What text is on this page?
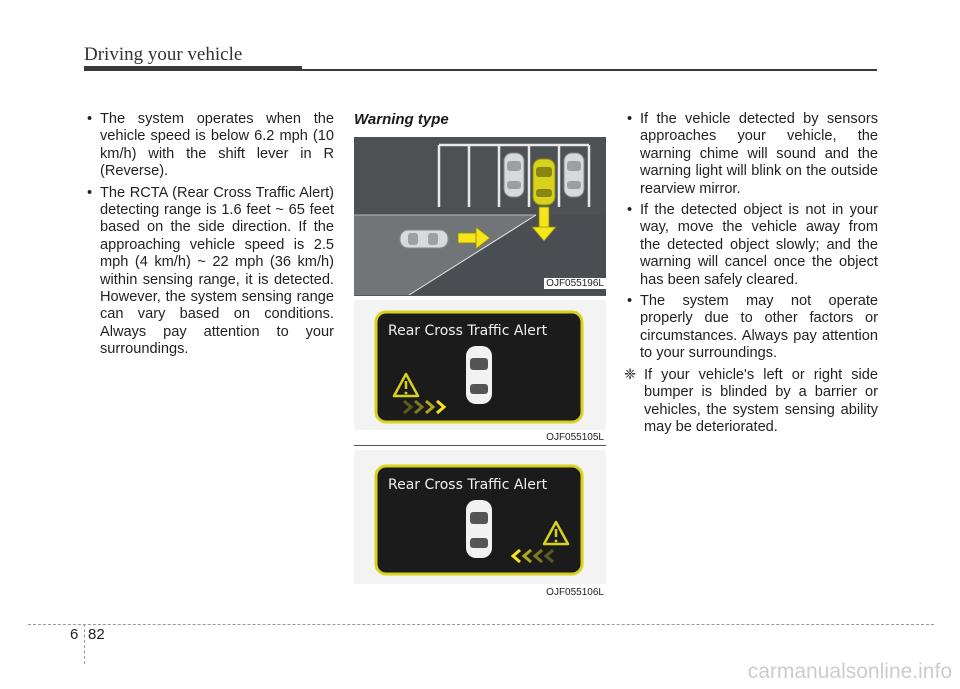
Driving your vehicle
• The system operates when the vehicle speed is below 6.2 mph (10 km/h) with the shift lever in R (Reverse).
• The RCTA (Rear Cross Traffic Alert) detecting range is 1.6 feet ~ 65 feet based on the side direction. If the approaching vehicle speed is 2.5 mph (4 km/h) ~ 22 mph (36 km/h) within sensing range, it is detected. However, the system sensing range can vary based on conditions. Always pay attention to your surroundings.
Warning type
OJF055196L
Rear Cross Traffic Alert
OJF055105L
Rear Cross Traffic Alert
OJF055106L
• If the vehicle detected by sensors approaches your vehicle, the warning chime will sound and the warning light will blink on the outside rearview mirror.
• If the detected object is not in your way, move the vehicle away from the detected object slowly; and the warning will cancel once the object has been safely cleared.
• The system may not operate properly due to other factors or circumstances. Always pay attention to your surroundings.
❈ If your vehicle's left or right side bumper is blinded by a barrier or vehicles, the system sensing ability may be deteriorated.
6 82
carmanualsonline.info
